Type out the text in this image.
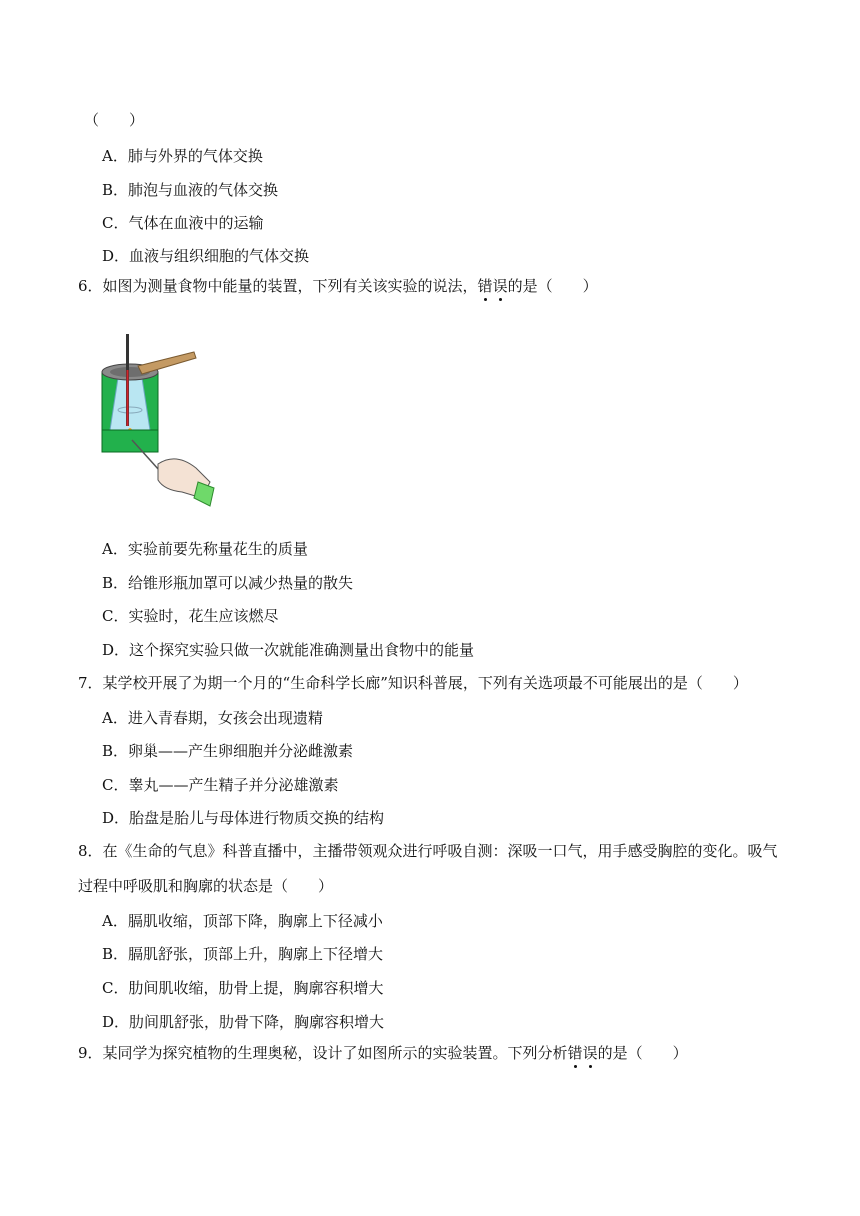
（　　）
A．肺与外界的气体交换
B．肺泡与血液的气体交换
C．气体在血液中的运输
D．血液与组织细胞的气体交换
6．如图为测量食物中能量的装置，下列有关该实验的说法，错误的是（　　）
A．实验前要先称量花生的质量
B．给锥形瓶加罩可以减少热量的散失
C．实验时，花生应该燃尽
D．这个探究实验只做一次就能准确测量出食物中的能量
7．某学校开展了为期一个月的“生命科学长廊”知识科普展，下列有关选项最不可能展出的是（　　）
A．进入青春期，女孩会出现遗精
B．卵巢——产生卵细胞并分泌雌激素
C．睾丸——产生精子并分泌雄激素
D．胎盘是胎儿与母体进行物质交换的结构
8．在《生命的气息》科普直播中，主播带领观众进行呼吸自测：深吸一口气，用手感受胸腔的变化。吸气
过程中呼吸肌和胸廓的状态是（　　）
A．膈肌收缩，顶部下降，胸廓上下径减小
B．膈肌舒张，顶部上升，胸廓上下径增大
C．肋间肌收缩，肋骨上提，胸廓容积增大
D．肋间肌舒张，肋骨下降，胸廓容积增大
9．某同学为探究植物的生理奥秘，设计了如图所示的实验装置。下列分析错误的是（　　）
